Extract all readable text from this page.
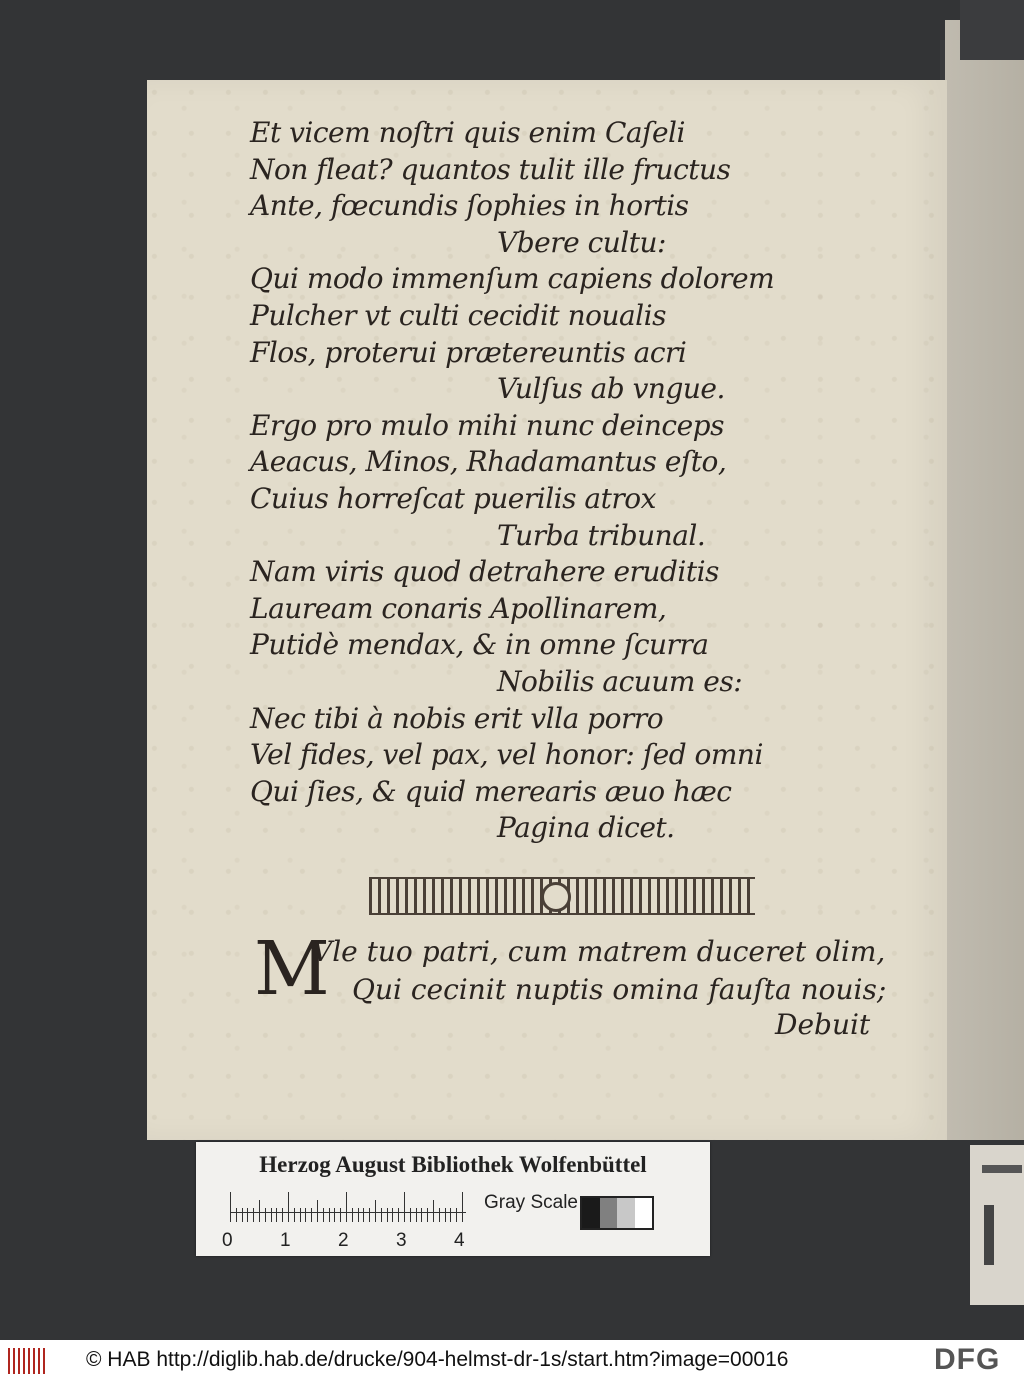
Et vicem noſtri quis enim Caſeli
Non fleat? quantos tulit ille fructus
Ante, fœcundis ſophies in hortis
Vbere cultu:
Qui modo immenſum capiens dolorem
Pulcher vt culti cecidit noualis
Flos, proterui prætereuntis acri
Vulſus ab vngue.
Ergo pro mulo mihi nunc deinceps
Aeacus, Minos, Rhadamantus eſto,
Cuius horreſcat puerilis atrox
Turba tribunal.
Nam viris quod detrahere eruditis
Lauream conaris Apollinarem,
Putidè mendax, & in omne ſcurra
Nobilis acuum es:
Nec tibi à nobis erit vlla porro
Vel fides, vel pax, vel honor: ſed omni
Qui ſies, & quid merearis æuo hæc
Pagina dicet.
M
Vle tuo patri, cum matrem duceret olim,
Qui cecinit nuptis omina fauſta nouis;
Debuit
Herzog August Bibliothek Wolfenbüttel
0 1 2 3 4
Gray Scale
© HAB http://diglib.hab.de/drucke/904-helmst-dr-1s/start.htm?image=00016	DFG
